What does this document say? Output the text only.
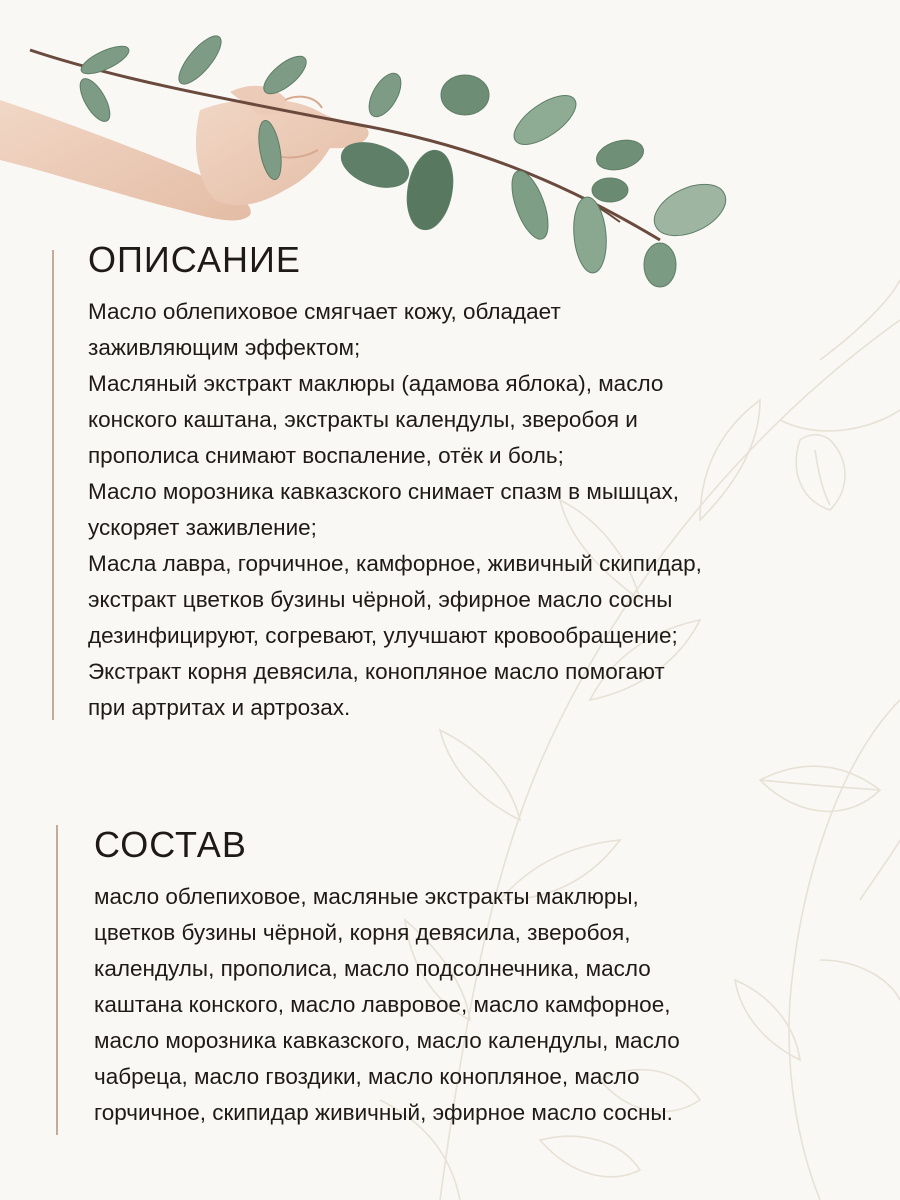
ОПИСАНИЕ
Масло облепиховое смягчает кожу, обладает
заживляющим эффектом;
Масляный экстракт маклюры (адамова яблока), масло
конского каштана, экстракты календулы, зверобоя и
прополиса снимают воспаление, отёк и боль;
Масло морозника кавказского снимает спазм в мышцах,
ускоряет заживление;
Масла лавра, горчичное, камфорное, живичный скипидар,
экстракт цветков бузины чёрной, эфирное масло сосны
дезинфицируют, согревают, улучшают кровообращение;
Экстракт корня девясила, конопляное масло помогают
при артритах и артрозах.
СОСТАВ
масло облепиховое, масляные экстракты маклюры,
цветков бузины чёрной, корня девясила, зверобоя,
календулы, прополиса, масло подсолнечника, масло
каштана конского, масло лавровое, масло камфорное,
масло морозника кавказского, масло календулы, масло
чабреца, масло гвоздики, масло конопляное, масло
горчичное, скипидар живичный, эфирное масло сосны.
